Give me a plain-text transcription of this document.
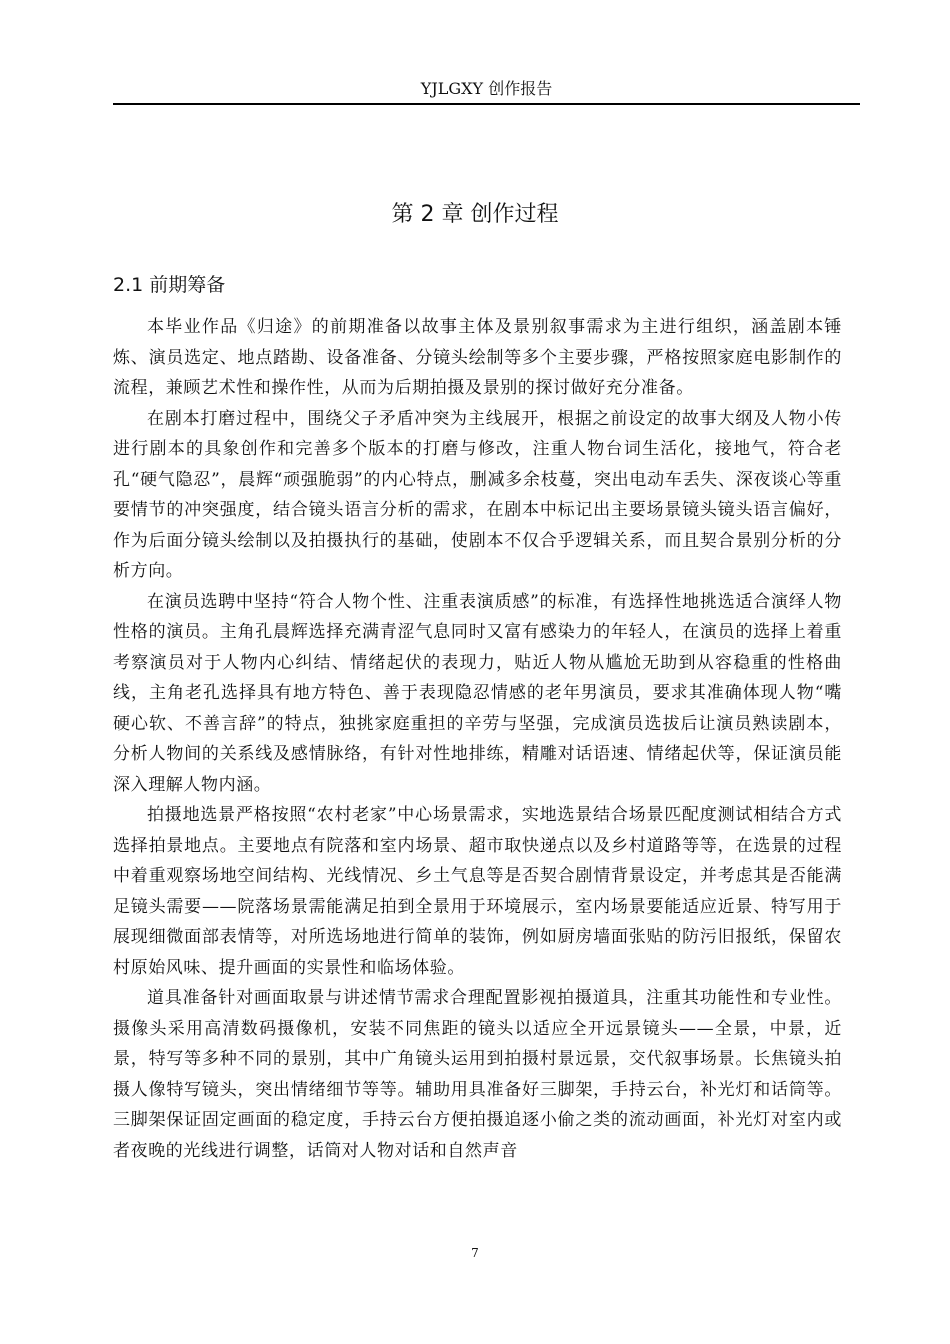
YJLGXY 创作报告
第 2 章 创作过程
2.1 前期筹备

本毕业作品《归途》的前期准备以故事主体及景别叙事需求为主进行组织，涵盖剧本锤炼、演员选定、地点踏勘、设备准备、分镜头绘制等多个主要步骤，严格按照家庭电影制作的流程，兼顾艺术性和操作性，从而为后期拍摄及景别的探讨做好充分准备。

在剧本打磨过程中，围绕父子矛盾冲突为主线展开，根据之前设定的故事大纲及人物小传进行剧本的具象创作和完善多个版本的打磨与修改，注重人物台词生活化，接地气，符合老孔“硬气隐忍”，晨辉“顽强脆弱”的内心特点，删减多余枝蔓，突出电动车丢失、深夜谈心等重要情节的冲突强度，结合镜头语言分析的需求，在剧本中标记出主要场景镜头镜头语言偏好，作为后面分镜头绘制以及拍摄执行的基础，使剧本不仅合乎逻辑关系，而且契合景别分析的分析方向。

在演员选聘中坚持“符合人物个性、注重表演质感”的标准，有选择性地挑选适合演绎人物性格的演员。主角孔晨辉选择充满青涩气息同时又富有感染力的年轻人，在演员的选择上着重考察演员对于人物内心纠结、情绪起伏的表现力，贴近人物从尴尬无助到从容稳重的性格曲线，主角老孔选择具有地方特色、善于表现隐忍情感的老年男演员，要求其准确体现人物“嘴硬心软、不善言辞”的特点，独挑家庭重担的辛劳与坚强，完成演员选拔后让演员熟读剧本，分析人物间的关系线及感情脉络，有针对性地排练，精雕对话语速、情绪起伏等，保证演员能深入理解人物内涵。

拍摄地选景严格按照“农村老家”中心场景需求，实地选景结合场景匹配度测试相结合方式选择拍景地点。主要地点有院落和室内场景、超市取快递点以及乡村道路等等，在选景的过程中着重观察场地空间结构、光线情况、乡土气息等是否契合剧情背景设定，并考虑其是否能满足镜头需要——院落场景需能满足拍到全景用于环境展示，室内场景要能适应近景、特写用于展现细微面部表情等，对所选场地进行简单的装饰，例如厨房墙面张贴的防污旧报纸，保留农村原始风味、提升画面的实景性和临场体验。

道具准备针对画面取景与讲述情节需求合理配置影视拍摄道具，注重其功能性和专业性。摄像头采用高清数码摄像机，安装不同焦距的镜头以适应全开远景镜头——全景，中景，近景，特写等多种不同的景别，其中广角镜头运用到拍摄村景远景，交代叙事场景。长焦镜头拍摄人像特写镜头，突出情绪细节等等。辅助用具准备好三脚架，手持云台，补光灯和话筒等。三脚架保证固定画面的稳定度，手持云台方便拍摄追逐小偷之类的流动画面，补光灯对室内或者夜晚的光线进行调整，话筒对人物对话和自然声音

7
